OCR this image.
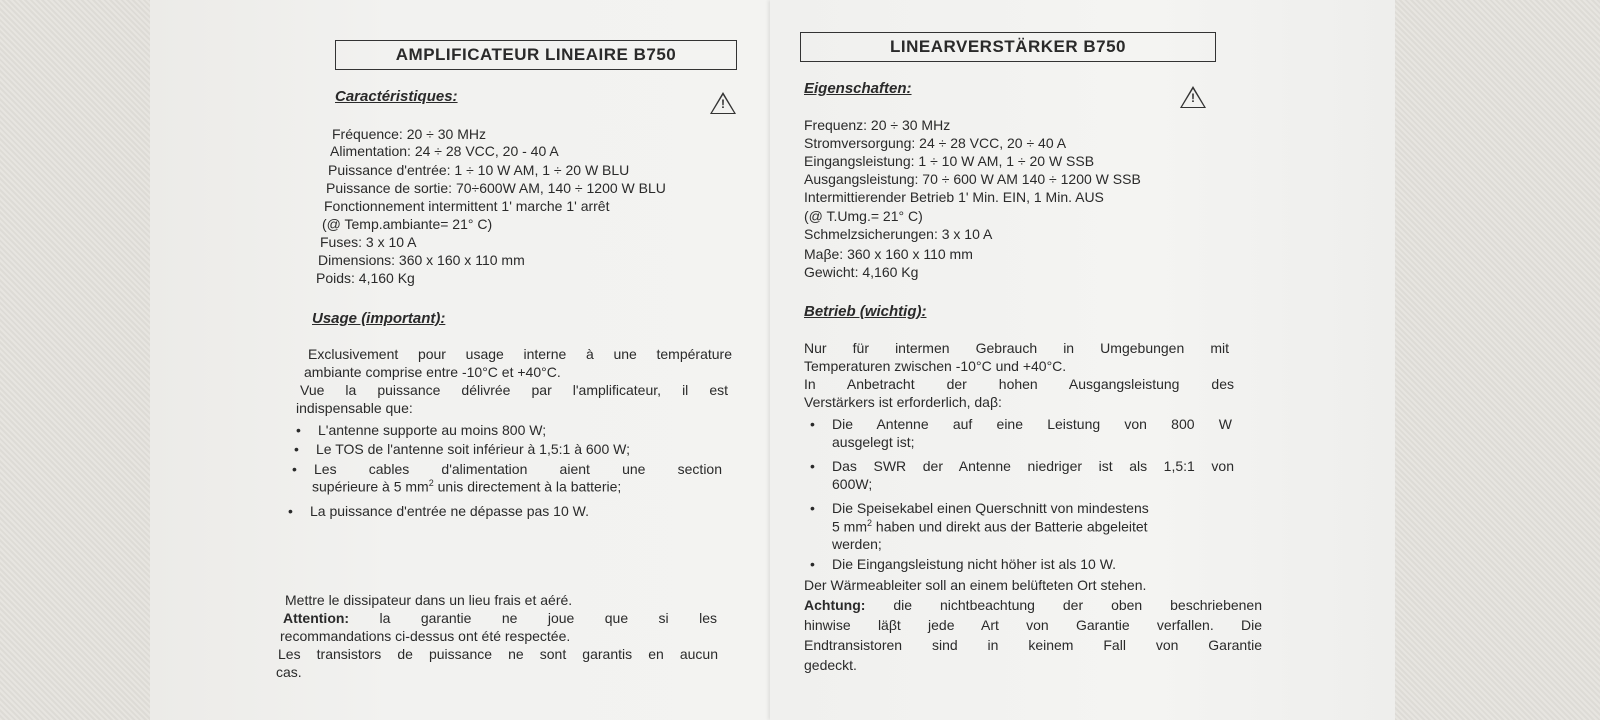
AMPLIFICATEUR LINEAIRE B750
Caractéristiques:	!
Fréquence: 20 ÷ 30 MHz
Alimentation: 24 ÷ 28 VCC, 20 - 40 A
Puissance d'entrée: 1 ÷ 10 W AM, 1 ÷ 20 W BLU
Puissance de sortie: 70÷600W AM, 140 ÷ 1200 W BLU
Fonctionnement intermittent 1' marche 1' arrêt
(@ Temp.ambiante= 21° C)
Fuses: 3 x 10 A
Dimensions: 360 x 160 x 110 mm
Poids: 4,160 Kg
Usage (important):
Exclusivement pour usage interne à une température
ambiante comprise entre -10°C et +40°C.
Vue la puissance délivrée par l'amplificateur, il est
indispensable que:
• L'antenne supporte au moins 800 W;
• Le TOS de l'antenne soit inférieur à 1,5:1 à 600 W;
• Les cables d'alimentation aient une section
supérieure à 5 $mm^2$ unis directement à la batterie;
• La puissance d'entrée ne dépasse pas 10 W.
Mettre le dissipateur dans un lieu frais et aéré.
Attention: la garantie ne joue que si les
recommandations ci-dessus ont été respectée.
Les transistors de puissance ne sont garantis en aucun
cas.
LINEARVERSTÄRKER B750
Eigenschaften:
!
Frequenz: 20 ÷ 30 MHz
Stromversorgung: 24 ÷ 28 VCC, 20 ÷ 40 A
Eingangsleistung: 1 ÷ 10 W AM, 1 ÷ 20 W SSB
Ausgangsleistung: 70 ÷ 600 W AM 140 ÷ 1200 W SSB
Intermittierender Betrieb 1' Min. EIN, 1 Min. AUS
(@ T.Umg.= 21° C)
Schmelzsicherungen: 3 x 10 A
Maβe: 360 x 160 x 110 mm
Gewicht: 4,160 Kg
Betrieb (wichtig):
Nur für intermen Gebrauch in Umgebungen mit
Temperaturen zwischen -10°C und +40°C.
In Anbetracht der hohen Ausgangsleistung des
Verstärkers ist erforderlich, daβ:
• Die Antenne auf eine Leistung von 800 W
ausgelegt ist;
• Das SWR der Antenne niedriger ist als 1,5:1 von
600W;
• Die Speisekabel einen Querschnitt von mindestens
5 $mm^2$ haben und direkt aus der Batterie abgeleitet
werden;
• Die Eingangsleistung nicht höher ist als 10 W.
Der Wärmeableiter soll an einem belüfteten Ort stehen.
Achtung: die nichtbeachtung der oben beschriebenen
hinwise läβt jede Art von Garantie verfallen. Die
Endtransistoren sind in keinem Fall von Garantie
gedeckt.
